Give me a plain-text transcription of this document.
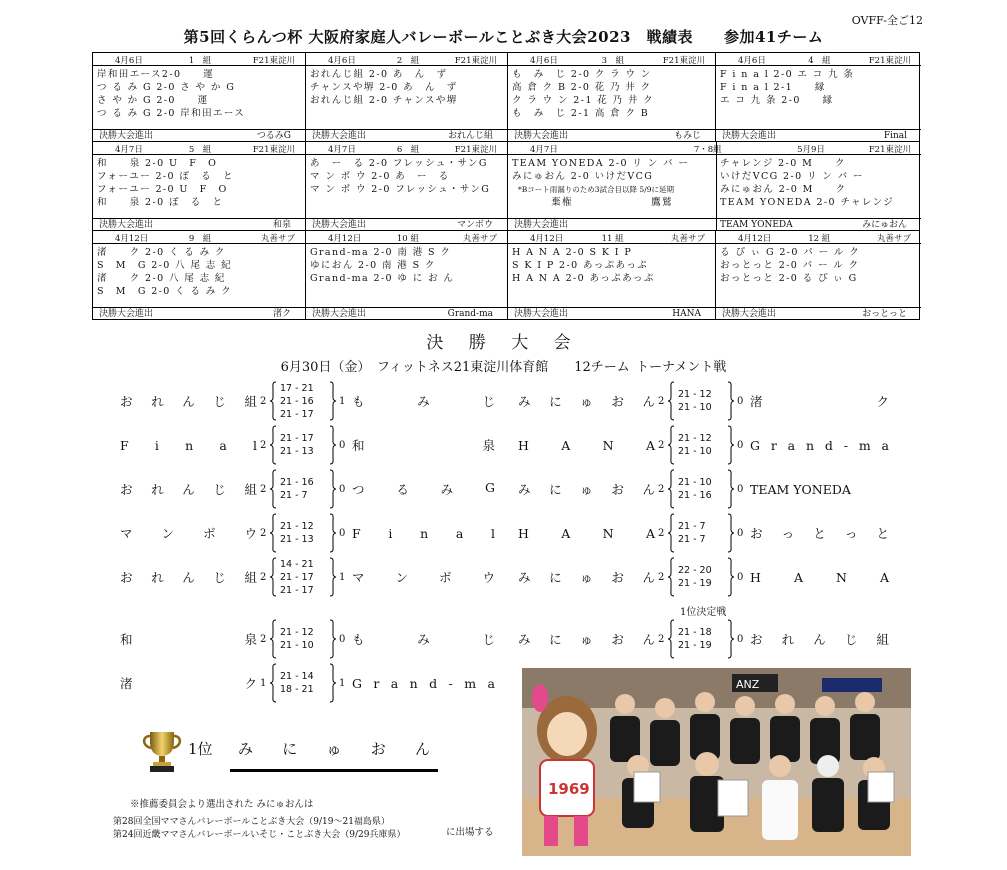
OVFF-全ご12
第5回くらんつ杯 大阪府家庭人バレーボールことぶき大会2023　戦績表　　参加41チーム
4月6日	1　組	F21東淀川
岸和田エース2-0　　運
つ る み G 2-0 さ や か G
さ や か G 2-0　　運
つ る み G 2-0 岸和田エース
決勝大会進出	つるみG
4月6日	2　組	F21東淀川
おれんじ組 2-0 あ　ん　ず
チャンスや堺 2-0 あ　ん　ず
おれんじ組 2-0 チャンスや堺
決勝大会進出	おれんじ組
4月6日	3　組	F21東淀川
も　み　じ 2-0 ク ラ ウ ン
高 倉 ク B 2-0 花 乃 井 ク
ク ラ ウ ン 2-1 花 乃 井 ク
も　み　じ 2-1 高 倉 ク B
決勝大会進出	もみじ
4月6日	4　組	F21東淀川
F i n a l 2-0 エ コ 九 条
F i n a l 2-1　　縁
エ コ 九 条 2-0　　縁
決勝大会進出	Final
4月7日	5　組	F21東淀川
和　　泉 2-0 U　F　O
フォーユー 2-0 ぽ　る　と
フォーユー 2-0 U　F　O
和　　泉 2-0 ぽ　る　と
決勝大会進出	和泉
4月7日	6　組	F21東淀川
あ　ー　る 2-0 フレッシュ・サンG
マ ン ボ ウ 2-0 あ　ー　る
マ ン ボ ウ 2-0 フレッシュ・サンG
決勝大会進出	マンボウ
4月7日	7・8組	5月9日	F21東淀川
TEAM YONEDA 2-0 リ ン バ ー
みにゅおん 2-0 いけだVCG
*Bコート雨漏りのため3試合目以降 5/9に延期
棄権	鷹鷲
チャレンジ 2-0 M　　ク
いけだVCG 2-0 リ ン バ ー
みにゅおん 2-0 M　　ク
TEAM YONEDA 2-0 チャレンジ
決勝大会進出	TEAM YONEDA	みにゅおん
4月12日	9　組	丸善サブ
渚　　ク 2-0 く る み ク
S　M　G 2-0 八 尾 志 紀
渚　　ク 2-0 八 尾 志 紀
S　M　G 2-0 く る み ク
決勝大会進出	渚ク
4月12日	10 組	丸善サブ
Grand-ma 2-0 南 港 S ク
ゆにおん 2-0 南 港 S ク
Grand-ma 2-0 ゆ に お ん
決勝大会進出	Grand-ma
4月12日	11 組	丸善サブ
H A N A 2-0 S K I P
S K I P 2-0 あっぷあっぷ
H A N A 2-0 あっぷあっぷ
決勝大会進出	HANA
4月12日	12 組	丸善サブ
る ぴ ぃ G 2-0 パ ー ル ク
おっとっと 2-0 パ ー ル ク
おっとっと 2-0 る ぴ ぃ G
決勝大会進出	おっとっと
決 勝 大 会
6月30日（金）　フィットネス21東淀川体育館　　12チーム トーナメント戦
お れ ん じ 組 2
17 - 21
21 - 16
21 - 17
1 も	み	じ
F i n a l 2
21 - 17
21 - 13
0 和	泉
お れ ん じ 組 2
21 - 16
21 - 7
0 つ	る	み	G
マ ン ボ ウ 2
21 - 12
21 - 13
0 F i n a l
お れ ん じ 組 2
14 - 21
21 - 17
21 - 17
1 マ ン ボ ウ
和	泉 2
21 - 12
21 - 10
0 も	み	じ
渚	ク 1
21 - 14
18 - 21
1 G r a n d - m a
み に ゅ お ん 2
21 - 12
21 - 10
0 渚	ク
H	A	N	A 2
21 - 12
21 - 10
0 G r a n d - m a
み に ゅ お ん 2
21 - 10
21 - 16
0 TEAM YONEDA
H	A	N	A 2
21 - 7
21 - 7
0 お っ と っ と
み に ゅ お ん 2
22 - 20
21 - 19
0 H	A	N	A
み に ゅ お ん 2
21 - 18
21 - 19
0 お れ ん じ 組
1位決定戦
1位 み に ゅ お ん
※推薦委員会より選出された みにゅおんは
第28回全国ママさんバレーボールことぶき大会（9/19〜21福島県）
第24回近畿ママさんバレーボールいそじ・ことぶき大会（9/29兵庫県）	に出場する
ANZ
1969
